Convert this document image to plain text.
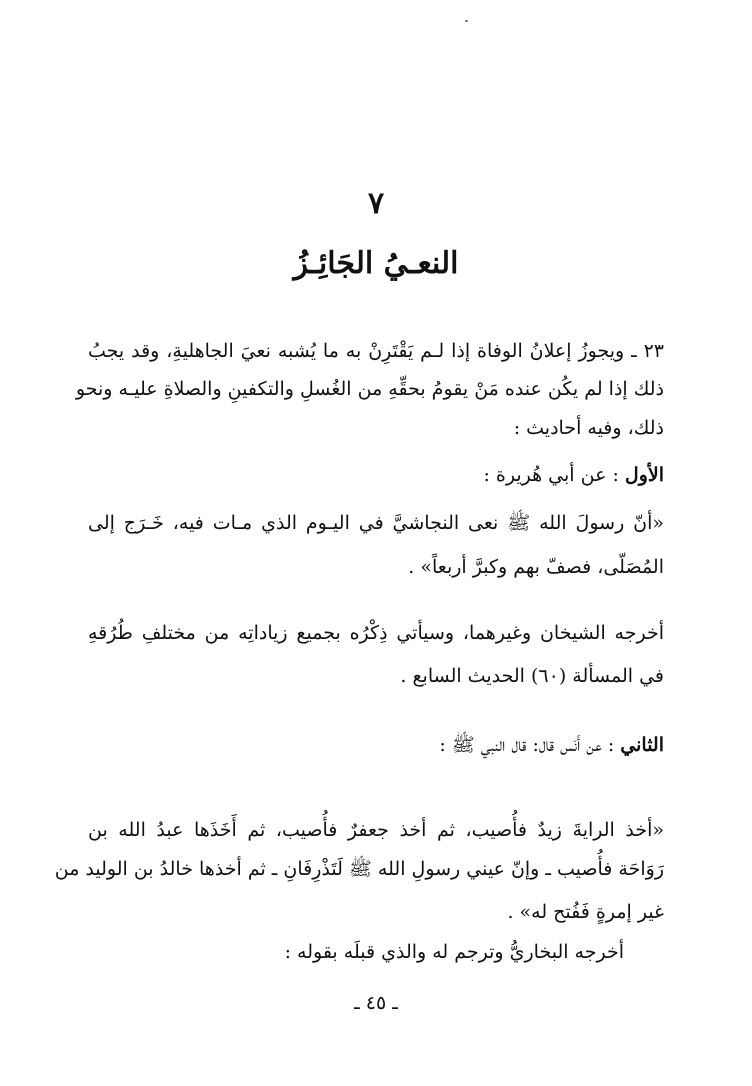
٧
النعـيُ الجَائِـزُ
٢٣ ـ ويجوزُ إعلانُ الوفاة إذا لـم يَقْتَرِنْ به ما يُشبه نعيَ الجاهليةِ، وقد يجبُ
ذلك إذا لم يكُن عنده مَنْ يقومُ بحقِّهِ من الغُسلِ والتكفينِ والصلاةِ عليـه ونحو
ذلك، وفيه أحاديث :
الأول : عن أبي هُريرة :
«أنّ رسولَ الله ﷺ نعى النجاشيَّ في اليـوم الذي مـات فيه، خَـرَج إلى
المُصَلّى، فصفّ بهم وكبرَّ أربعاً» .
أخرجه الشيخان وغيرهما، وسيأتي ذِكْرُه بجميع زياداتِه من مختلفِ طُرُقهِ
في المسألة (٦٠) الحديث السابع .
الثاني : عن أَنَس قال: قال النبي ﷺ :
«أخذ الرايةَ زيدٌ فأُصيب، ثم أخذ جعفرٌ فأُصيب، ثم أَخَذَها عبدُ الله بن
رَوَاحَة فأُصيب ـ وإنّ عيني رسولِ الله ﷺ لَتَذْرِفَانِ ـ ثم أخذها خالدُ بن الوليد من
غير إمرةٍ فَفُتح له» .
أخرجه البخاريُّ وترجم له والذي قبلَه بقوله :
ـ ٤٥ ـ
